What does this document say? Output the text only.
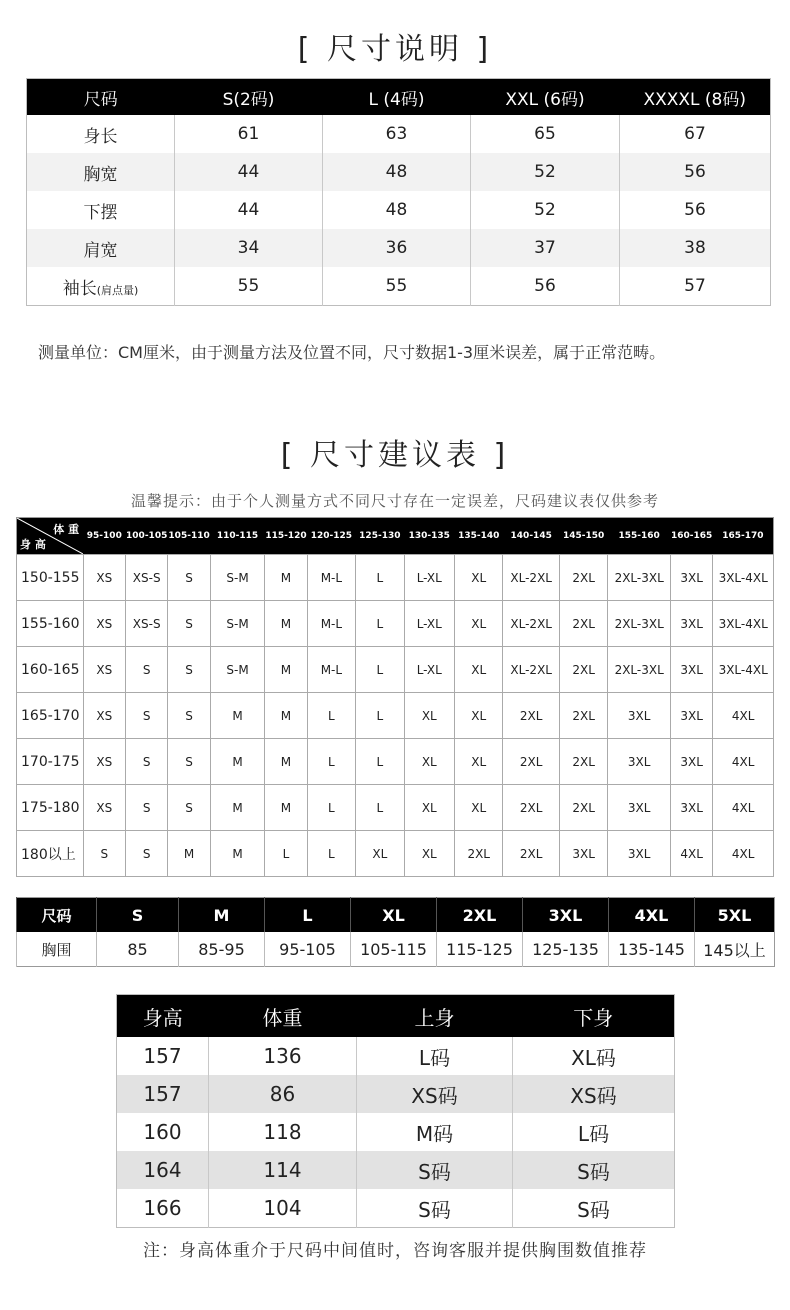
[ 尺寸说明 ]
尺码	S(2码)	L (4码)	XXL (6码)	XXXXL (8码)
身长	61	63	65	67
胸宽	44	48	52	56
下摆	44	48	52	56
肩宽	34	36	37	38
袖长(肩点量)	55	55	56	57
测量单位：CM厘米，由于测量方法及位置不同，尺寸数据1-3厘米误差，属于正常范畴。
[ 尺寸建议表 ]
温馨提示：由于个人测量方式不同尺寸存在一定误差，尺码建议表仅供参考
体 重
身 高	95-100	100-105	105-110	110-115	115-120	120-125	125-130	130-135	135-140	140-145	145-150	155-160	160-165	165-170
150-155	XS	XS-S	S	S-M	M	M-L	L	L-XL	XL	XL-2XL	2XL	2XL-3XL	3XL	3XL-4XL
155-160	XS	XS-S	S	S-M	M	M-L	L	L-XL	XL	XL-2XL	2XL	2XL-3XL	3XL	3XL-4XL
160-165	XS	S	S	S-M	M	M-L	L	L-XL	XL	XL-2XL	2XL	2XL-3XL	3XL	3XL-4XL
165-170	XS	S	S	M	M	L	L	XL	XL	2XL	2XL	3XL	3XL	4XL
170-175	XS	S	S	M	M	L	L	XL	XL	2XL	2XL	3XL	3XL	4XL
175-180	XS	S	S	M	M	L	L	XL	XL	2XL	2XL	3XL	3XL	4XL
180以上	S	S	M	M	L	L	XL	XL	2XL	2XL	3XL	3XL	4XL	4XL
尺码	S	M	L	XL	2XL	3XL	4XL	5XL
胸围	85	85-95	95-105	105-115	115-125	125-135	135-145	145以上
身高	体重	上身	下身
157	136	L码	XL码
157	86	XS码	XS码
160	118	M码	L码
164	114	S码	S码
166	104	S码	S码
注：身高体重介于尺码中间值时，咨询客服并提供胸围数值推荐
